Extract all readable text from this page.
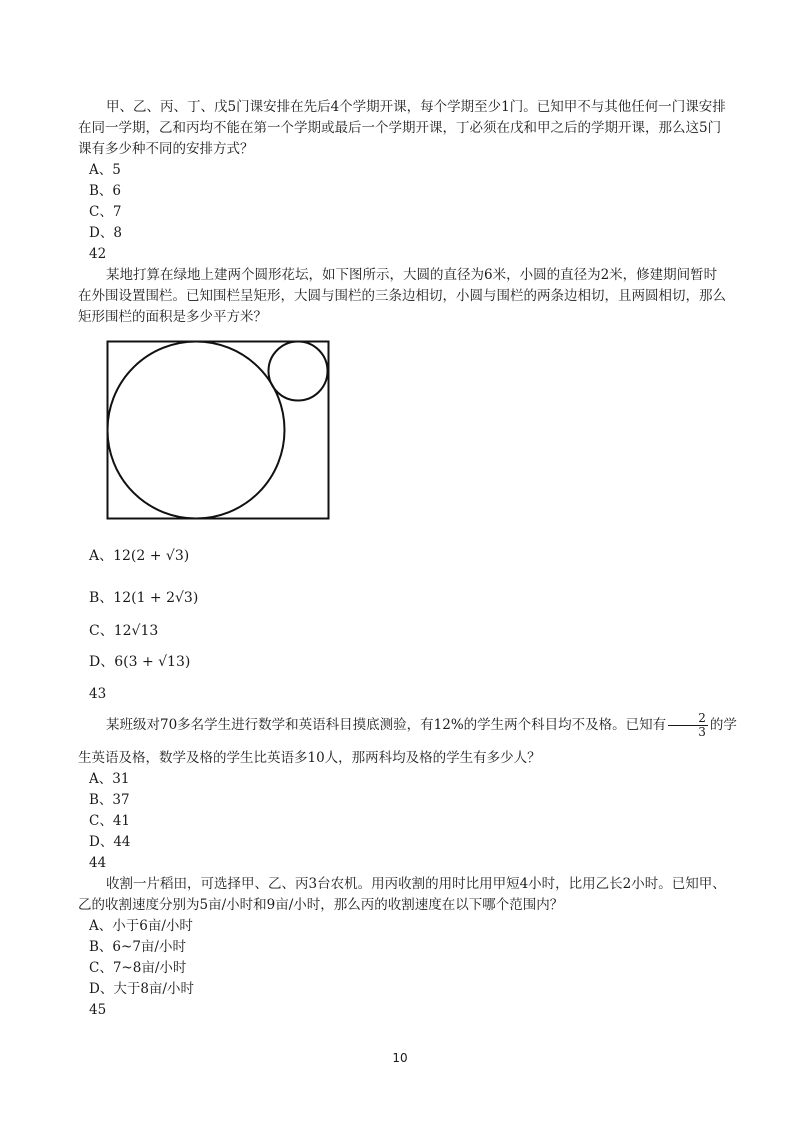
甲、乙、丙、丁、戊5门课安排在先后4个学期开课，每个学期至少1门。已知甲不与其他任何一门课安排在同一学期，乙和丙均不能在第一个学期或最后一个学期开课，丁必须在戊和甲之后的学期开课，那么这5门课有多少种不同的安排方式？

A、5

B、6

C、7

D、8

42

某地打算在绿地上建两个圆形花坛，如下图所示，大圆的直径为6米，小圆的直径为2米，修建期间暂时在外围设置围栏。已知围栏呈矩形，大圆与围栏的三条边相切，小圆与围栏的两条边相切，且两圆相切，那么矩形围栏的面积是多少平方米？

A、12(2 + √3)

B、12(1 + 2√3)

C、12√13

D、6(3 + √13)

43

某班级对70多名学生进行数学和英语科目摸底测验，有12%的学生两个科目均不及格。已知有 $\frac{2}{3}$ 的学

生英语及格，数学及格的学生比英语多10人，那两科均及格的学生有多少人？

A、31

B、37

C、41

D、44

44

收割一片稻田，可选择甲、乙、丙3台农机。用丙收割的用时比用甲短4小时，比用乙长2小时。已知甲、乙的收割速度分别为5亩/小时和9亩/小时，那么丙的收割速度在以下哪个范围内？

A、小于6亩/小时

B、6~7亩/小时

C、7~8亩/小时

D、大于8亩/小时

45

10
